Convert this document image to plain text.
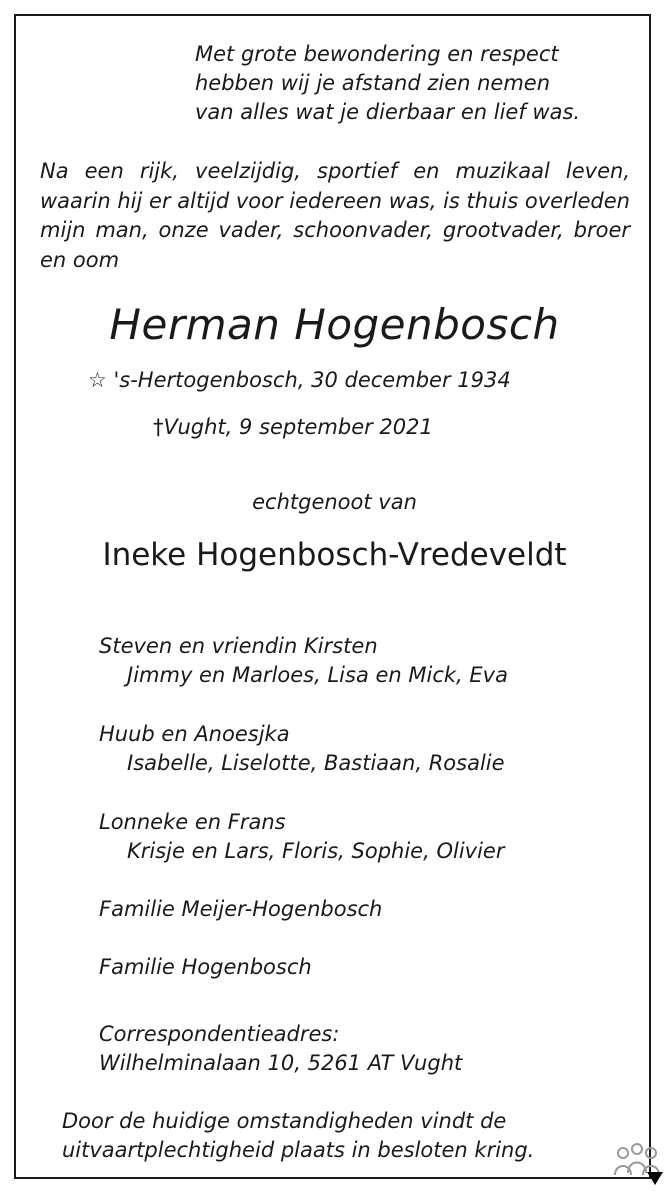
Met grote bewondering en respect
hebben wij je afstand zien nemen
van alles wat je dierbaar en lief was.
Na een rijk, veelzijdig, sportief en muzikaal leven, waarin hij er altijd voor iedereen was, is thuis overleden mijn man, onze vader, schoonvader, grootvader, broer en oom
Herman Hogenbosch
☆ 's-Hertogenbosch, 30 december 1934
†Vught, 9 september 2021
echtgenoot van
Ineke Hogenbosch-Vredeveldt
Steven en vriendin Kirsten
Jimmy en Marloes, Lisa en Mick, Eva
Huub en Anoesjka
Isabelle, Liselotte, Bastiaan, Rosalie
Lonneke en Frans
Krisje en Lars, Floris, Sophie, Olivier
Familie Meijer-Hogenbosch
Familie Hogenbosch
Correspondentieadres:
Wilhelminalaan 10, 5261 AT Vught
Door de huidige omstandigheden vindt de
uitvaartplechtigheid plaats in besloten kring.
